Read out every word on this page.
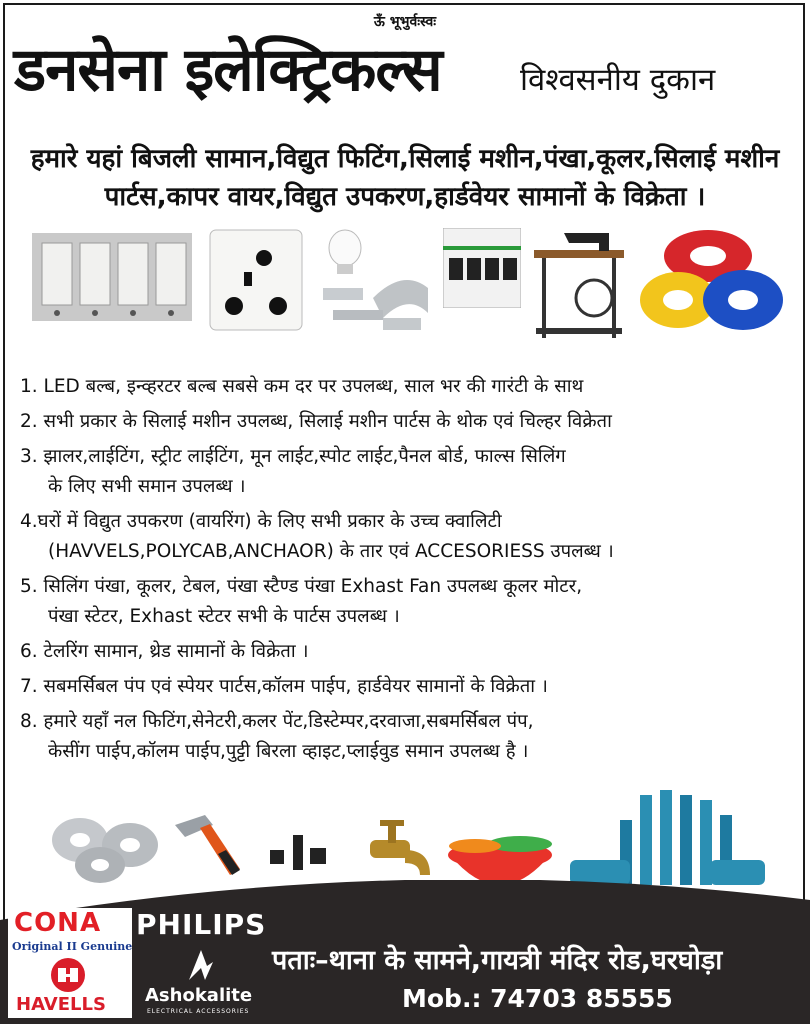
ऊँ भूभुर्वःस्वः
डनसेना इलेक्ट्रिकल्स	विश्वसनीय दुकान
हमारे यहां बिजली सामान,विद्युत फिटिंग,सिलाई मशीन,पंखा,कूलर,सिलाई मशीन
पार्टस,कापर वायर,विद्युत उपकरण,हार्डवेयर सामानों के विक्रेता ।
1. LED बल्ब, इन्व्हरटर बल्ब सबसे कम दर पर उपलब्ध, साल भर की गारंटी के साथ
2. सभी प्रकार के सिलाई मशीन उपलब्ध, सिलाई मशीन पार्टस के थोक एवं चिल्हर विक्रेता
3. झालर,लाईटिंग, स्ट्रीट लाईटिंग, मून लाईट,स्पोट लाईट,पैनल बोर्ड, फाल्स सिलिंग
के लिए सभी समान उपलब्ध ।
4.घरों में विद्युत उपकरण (वायरिंग) के लिए सभी प्रकार के उच्च क्वालिटी
(HAVVELS,POLYCAB,ANCHAOR) के तार एवं ACCESORIESS उपलब्ध ।
5. सिलिंग पंखा, कूलर, टेबल, पंखा स्टैण्ड पंखा Exhast Fan उपलब्ध कूलर मोटर,
पंखा स्टेटर, Exhast स्टेटर सभी के पार्टस उपलब्ध ।
6. टेलरिंग सामान, थ्रेड सामानों के विक्रेता ।
7. सबमर्सिबल पंप एवं स्पेयर पार्टस,कॉलम पाईप, हार्डवेयर सामानों के विक्रेता ।
8. हमारे यहाँ नल फिटिंग,सेनेटरी,कलर पेंट,डिस्टेम्पर,दरवाजा,सबमर्सिबल पंप,
केसींग पाईप,कॉलम पाईप,पुट्टी बिरला व्हाइट,प्लाईवुड समान उपलब्ध है ।
CONA
Original II Genuine
HAVELLS
PHILIPS
Ashokalite
ELECTRICAL ACCESSORIES
पताः–थाना के सामने,गायत्री मंदिर रोड,घरघोड़ा
Mob.: 74703 85555
